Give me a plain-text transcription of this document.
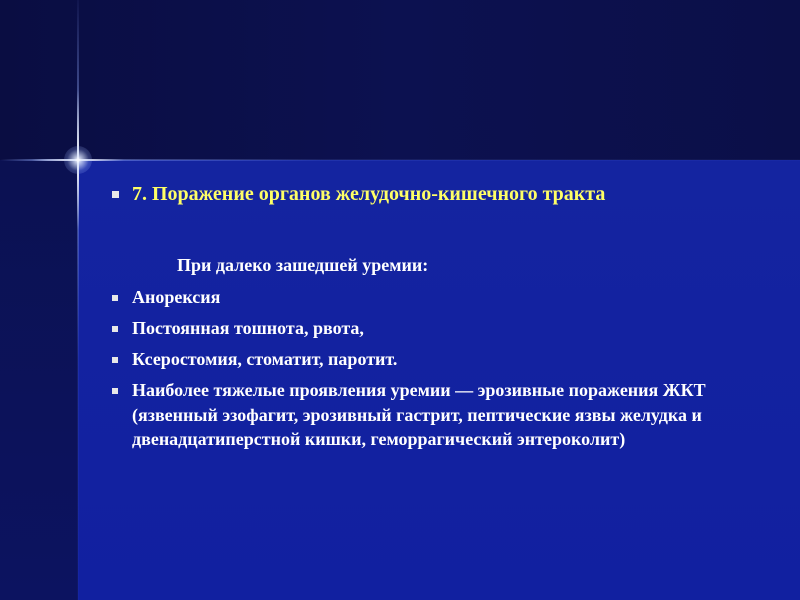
7. Поражение органов желудочно-кишечного тракта
При далеко зашедшей уремии:
Анорексия
Постоянная тошнота, рвота,
Ксеростомия, стоматит, паротит.
Наиболее тяжелые проявления уремии — эрозивные поражения ЖКТ (язвенный эзофагит, эрозивный гастрит, пептические язвы желудка и двенадцатиперстной кишки, геморрагический энтероколит)
